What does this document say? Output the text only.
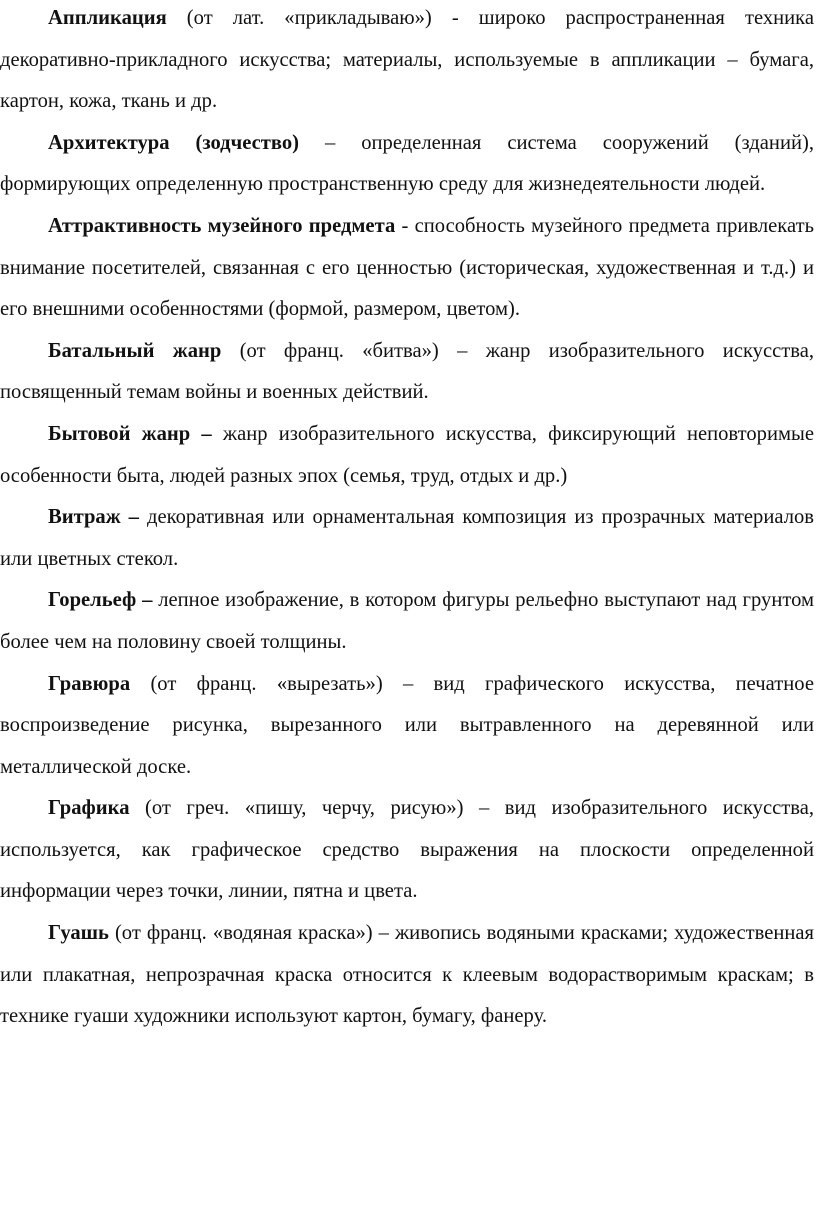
Аппликация (от лат. «прикладываю») - широко распространенная техника декоративно-прикладного искусства; материалы, используемые в аппликации – бумага, картон, кожа, ткань и др.

Архитектура (зодчество) – определенная система сооружений (зданий), формирующих определенную пространственную среду для жизнедеятельности людей.

Аттрактивность музейного предмета - способность музейного предмета привлекать внимание посетителей, связанная с его ценностью (историческая, художественная и т.д.) и его внешними особенностями (формой, размером, цветом).

Батальный жанр (от франц. «битва») – жанр изобразительного искусства, посвященный темам войны и военных действий.

Бытовой жанр – жанр изобразительного искусства, фиксирующий неповторимые особенности быта, людей разных эпох (семья, труд, отдых и др.)

Витраж – декоративная или орнаментальная композиция из прозрачных материалов или цветных стекол.

Горельеф – лепное изображение, в котором фигуры рельефно выступают над грунтом более чем на половину своей толщины.

Гравюра (от франц. «вырезать») – вид графического искусства, печатное воспроизведение рисунка, вырезанного или вытравленного на деревянной или металлической доске.

Графика (от греч. «пишу, черчу, рисую») – вид изобразительного искусства, используется, как графическое средство выражения на плоскости определенной информации через точки, линии, пятна и цвета.

Гуашь (от франц. «водяная краска») – живопись водяными красками; художественная или плакатная, непрозрачная краска относится к клеевым водорастворимым краскам; в технике гуаши художники используют картон, бумагу, фанеру.
